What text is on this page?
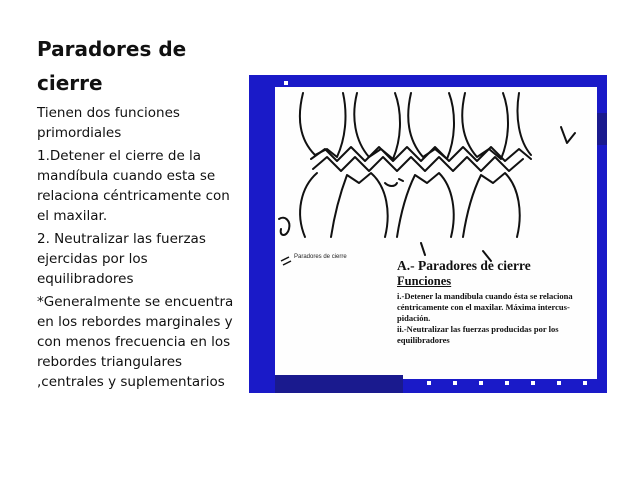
Paradores de cierre

Tienen dos funciones primordiales

1.Detener el cierre de la mandíbula cuando esta se relaciona céntricamente con el maxilar.

2. Neutralizar las fuerzas ejercidas por los equilibradores

*Generalmente se encuentra en los rebordes marginales y con menos frecuencia en los rebordes triangulares ,centrales y suplementarios

Paradores de cierre
A.- Paradores de cierre
Funciones
i.-Detener la mandíbula cuando ésta se relaciona céntricamente con el maxilar. Máxima intercus-pidación.
ii.-Neutralizar las fuerzas producidas por los equilibradores
